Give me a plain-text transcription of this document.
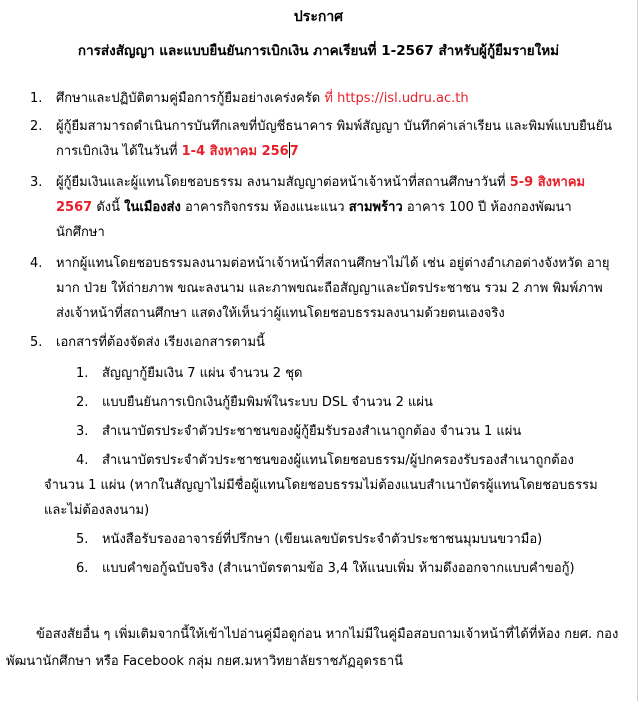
ประกาศ
การส่งสัญญา และแบบยืนยันการเบิกเงิน ภาคเรียนที่ 1-2567 สำหรับผู้กู้ยืมรายใหม่
1. ศึกษาและปฏิบัติตามคู่มือการกู้ยืมอย่างเคร่งครัด ที่ https://isl.udru.ac.th
2. ผู้กู้ยืมสามารถดำเนินการบันทึกเลขที่บัญชีธนาคาร พิมพ์สัญญา บันทึกค่าเล่าเรียน และพิมพ์แบบยืนยันการเบิกเงิน ได้ในวันที่ 1-4 สิงหาคม 2567
3. ผู้กู้ยืมเงินและผู้แทนโดยชอบธรรม ลงนามสัญญาต่อหน้าเจ้าหน้าที่สถานศึกษาวันที่ 5-9 สิงหาคม 2567 ดังนี้ ในเมืองส่ง อาคารกิจกรรม ห้องแนะแนว สามพร้าว อาคาร 100 ปี ห้องกองพัฒนานักศึกษา
4. หากผู้แทนโดยชอบธรรมลงนามต่อหน้าเจ้าหน้าที่สถานศึกษาไม่ได้ เช่น อยู่ต่างอำเภอต่างจังหวัด อายุมาก ป่วย ให้ถ่ายภาพ ขณะลงนาม และภาพขณะถือสัญญาและบัตรประชาชน รวม 2 ภาพ พิมพ์ภาพส่งเจ้าหน้าที่สถานศึกษา แสดงให้เห็นว่าผู้แทนโดยชอบธรรมลงนามด้วยตนเองจริง
5. เอกสารที่ต้องจัดส่ง เรียงเอกสารตามนี้
1. สัญญากู้ยืมเงิน 7 แผ่น จำนวน 2 ชุด
2. แบบยืนยันการเบิกเงินกู้ยืมพิมพ์ในระบบ DSL จำนวน 2 แผ่น
3. สำเนาบัตรประจำตัวประชาชนของผู้กู้ยืมรับรองสำเนาถูกต้อง จำนวน 1 แผ่น
4. สำเนาบัตรประจำตัวประชาชนของผู้แทนโดยชอบธรรม/ผู้ปกครองรับรองสำเนาถูกต้อง จำนวน 1 แผ่น (หากในสัญญาไม่มีชื่อผู้แทนโดยชอบธรรมไม่ต้องแนบสำเนาบัตรผู้แทนโดยชอบธรรมและไม่ต้องลงนาม)
5. หนังสือรับรองอาจารย์ที่ปรึกษา (เขียนเลขบัตรประจำตัวประชาชนมุมบนขวามือ)
6. แบบคำขอกู้ฉบับจริง (สำเนาบัตรตามข้อ 3,4 ให้แนบเพิ่ม ห้ามดึงออกจากแบบคำขอกู้)
ข้อสงสัยอื่น ๆ เพิ่มเติมจากนี้ให้เข้าไปอ่านคู่มือดูก่อน หากไม่มีในคู่มือสอบถามเจ้าหน้าที่ได้ที่ห้อง กยศ. กองพัฒนานักศึกษา หรือ Facebook กลุ่ม กยศ.มหาวิทยาลัยราชภัฏอุดรธานี
